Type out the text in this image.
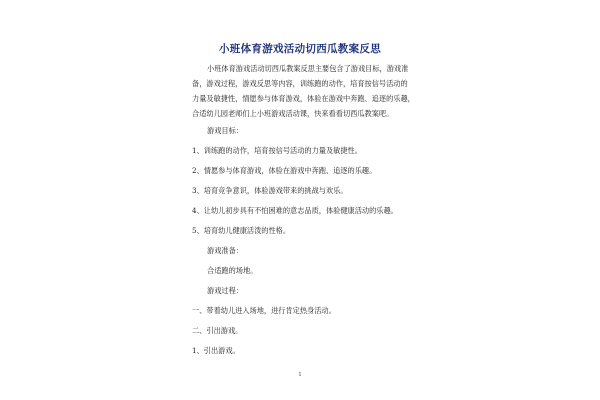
小班体育游戏活动切西瓜教案反思
小班体育游戏活动切西瓜教案反思主要包含了游戏目标，游戏准
备，游戏过程，游戏反思等内容，训练跑的动作，培育按信号活动的
力量及敏捷性，情愿参与体育游戏，体验在游戏中奔跑、追逐的乐趣，
合适幼儿园老师们上小班游戏活动课，快来看看切西瓜教案吧。
游戏目标：
1、训练跑的动作，培育按信号活动的力量及敏捷性。
2、情愿参与体育游戏，体验在游戏中奔跑、追逐的乐趣。
3、培育竞争意识，体验游戏带来的挑战与欢乐。
4、让幼儿初步具有不怕困难的意志品质，体验健康活动的乐趣。
5、培育幼儿健康活泼的性格。
游戏准备：
合适跑的场地。
游戏过程：
一、带着幼儿进入场地，进行肯定热身活动。
二、引出游戏。
1、引出游戏。
1
